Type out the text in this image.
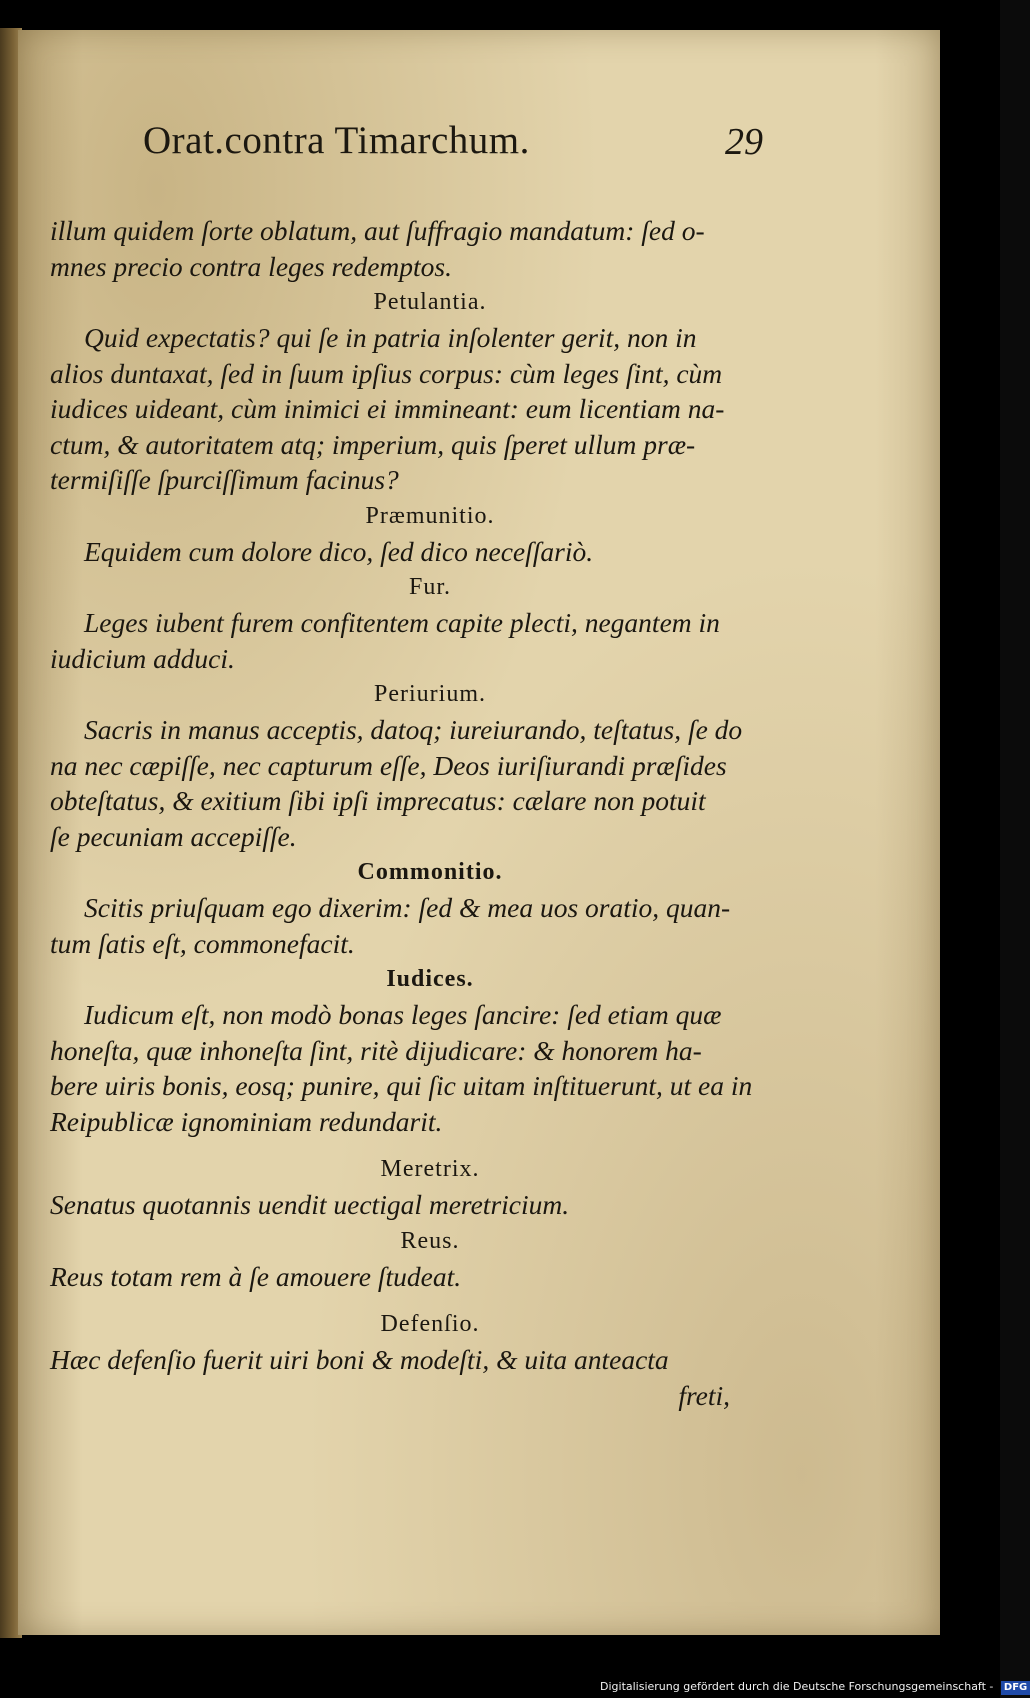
Orat.contra Timarchum.	29
illum quidem ſorte oblatum, aut ſuffragio mandatum: ſed o-
mnes precio contra leges redemptos.
Petulantia.
Quid expectatis? qui ſe in patria inſolenter gerit, non in
alios duntaxat, ſed in ſuum ipſius corpus: cùm leges ſint, cùm
iudices uideant, cùm inimici ei immineant: eum licentiam na-
ctum, & autoritatem atq; imperium, quis ſperet ullum præ-
termiſiſſe ſpurciſſimum facinus?
Præmunitio.
Equidem cum dolore dico, ſed dico neceſſariò.
Fur.
Leges iubent furem confitentem capite plecti, negantem in
iudicium adduci.
Periurium.
Sacris in manus acceptis, datoq; iureiurando, teſtatus, ſe do
na nec cæpiſſe, nec capturum eſſe, Deos iuriſiurandi præſides
obteſtatus, & exitium ſibi ipſi imprecatus: cælare non potuit
ſe pecuniam accepiſſe.
Commonitio.
Scitis priuſquam ego dixerim: ſed & mea uos oratio, quan-
tum ſatis eſt, commonefacit.
Iudices.
Iudicum eſt, non modò bonas leges ſancire: ſed etiam quæ
honeſta, quæ inhoneſta ſint, ritè dijudicare: & honorem ha-
bere uiris bonis, eosq; punire, qui ſic uitam inſtituerunt, ut ea in
Reipublicæ ignominiam redundarit.
Meretrix.
Senatus quotannis uendit uectigal meretricium.
Reus.
Reus totam rem à ſe amouere ſtudeat.
Defenſio.
Hæc defenſio fuerit uiri boni & modeſti, & uita anteacta
freti,
Digitalisierung gefördert durch die Deutsche Forschungsgemeinschaft - DFG
